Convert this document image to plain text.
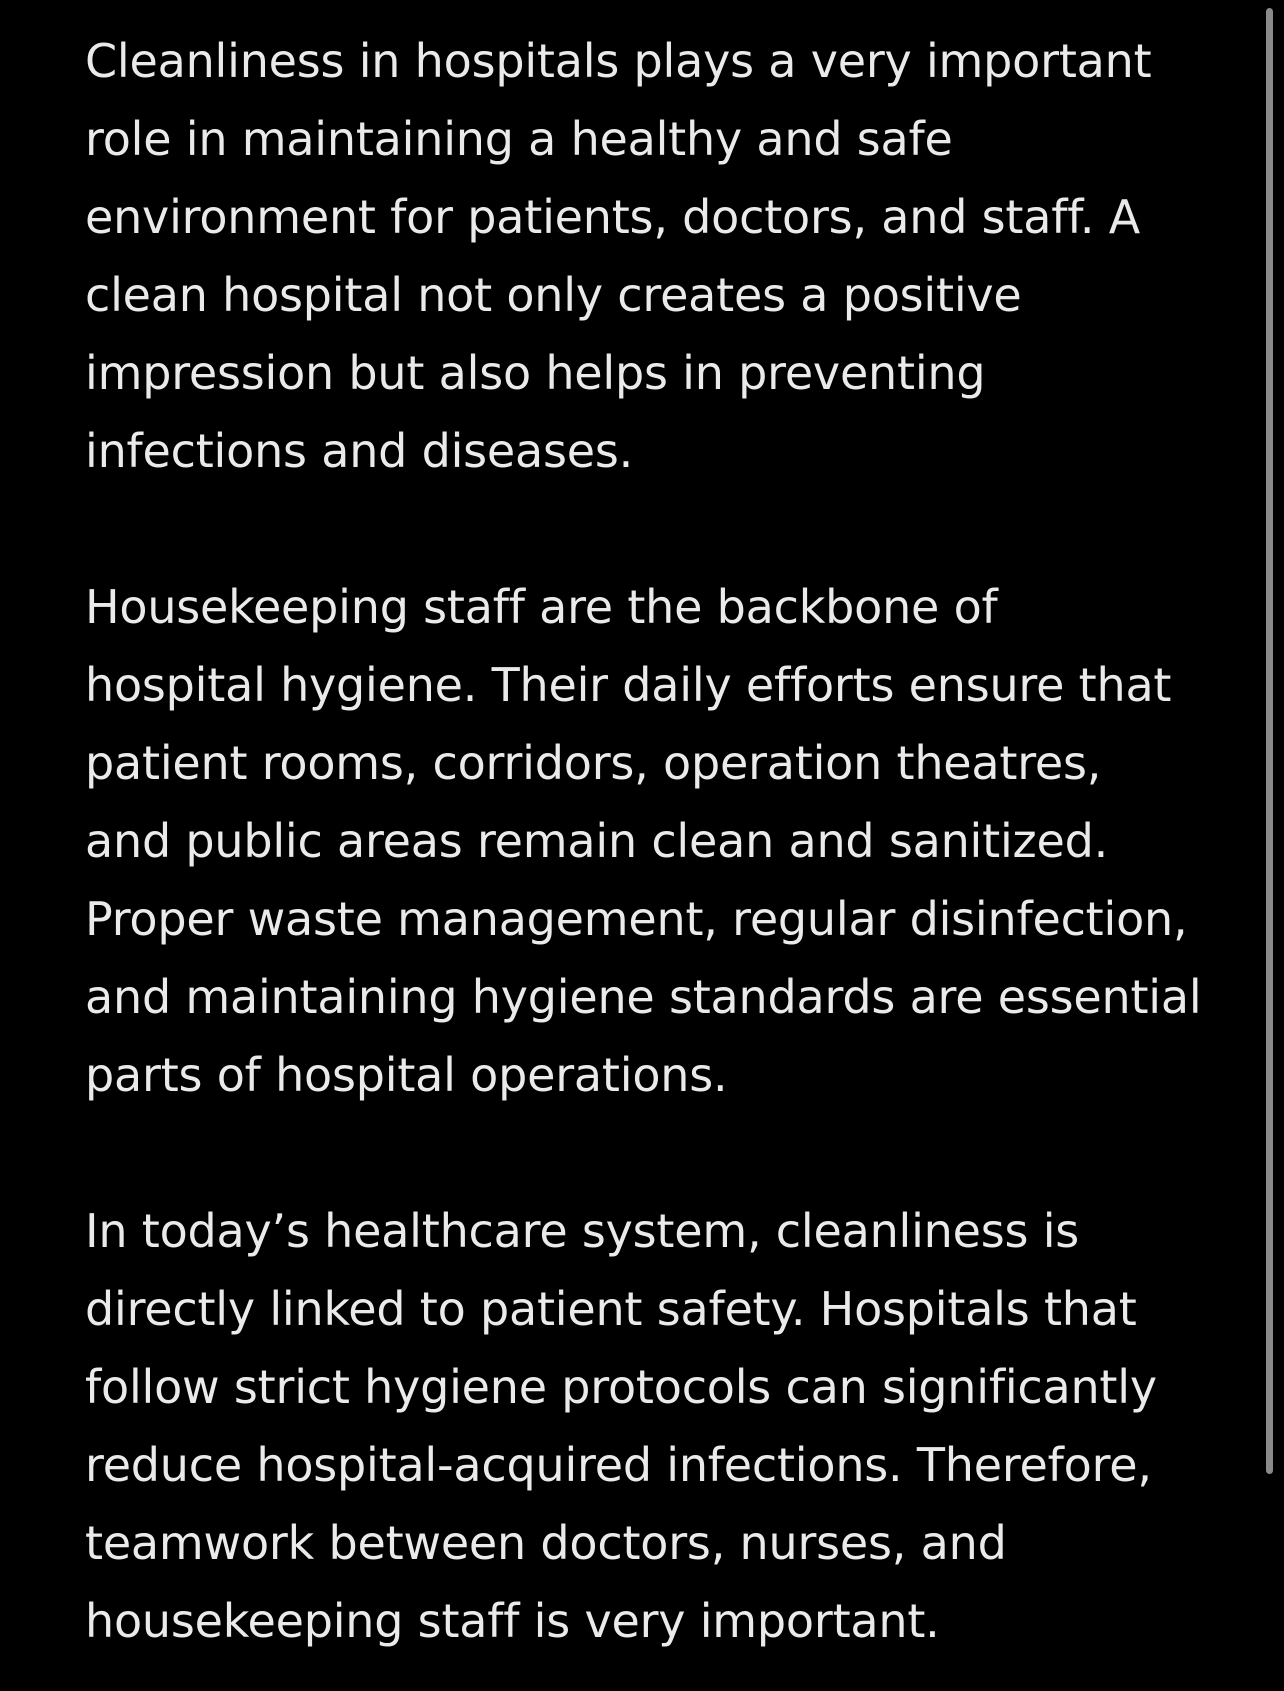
Cleanliness in hospitals plays a very important
role in maintaining a healthy and safe
environment for patients, doctors, and staff. A
clean hospital not only creates a positive
impression but also helps in preventing
infections and diseases.

Housekeeping staff are the backbone of
hospital hygiene. Their daily efforts ensure that
patient rooms, corridors, operation theatres,
and public areas remain clean and sanitized.
Proper waste management, regular disinfection,
and maintaining hygiene standards are essential
parts of hospital operations.

In today’s healthcare system, cleanliness is
directly linked to patient safety. Hospitals that
follow strict hygiene protocols can significantly
reduce hospital-acquired infections. Therefore,
teamwork between doctors, nurses, and
housekeeping staff is very important.
